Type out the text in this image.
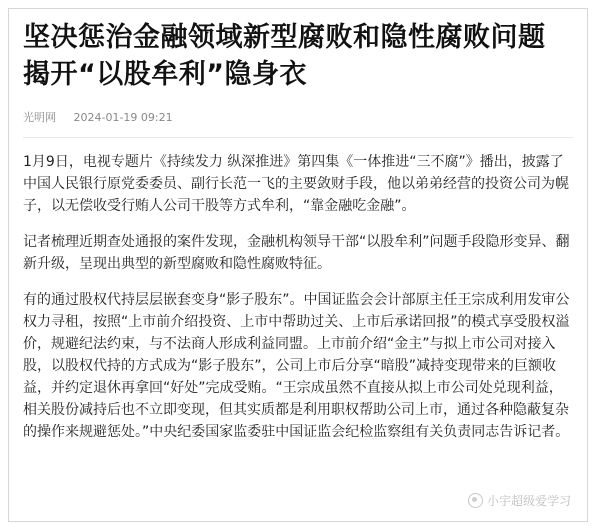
坚决惩治金融领域新型腐败和隐性腐败问题
揭开“以股牟利”隐身衣
光明网 2024-01-19 09:21

1月9日，电视专题片《持续发力 纵深推进》第四集《一体推进“三不腐”》播出，披露了中国人民银行原党委委员、副行长范一飞的主要敛财手段，他以弟弟经营的投资公司为幌子，以无偿收受行贿人公司干股等方式牟利，“靠金融吃金融”。

记者梳理近期查处通报的案件发现，金融机构领导干部“以股牟利”问题手段隐形变异、翻新升级，呈现出典型的新型腐败和隐性腐败特征。

有的通过股权代持层层嵌套变身“影子股东”。中国证监会会计部原主任王宗成利用发审公权力寻租，按照“上市前介绍投资、上市中帮助过关、上市后承诺回报”的模式享受股权溢价，规避纪法约束，与不法商人形成利益同盟。上市前介绍“金主”与拟上市公司对接入股，以股权代持的方式成为“影子股东”，公司上市后分享“暗股”减持变现带来的巨额收益，并约定退休再拿回“好处”完成受贿。“王宗成虽然不直接从拟上市公司处兑现利益，相关股份减持后也不立即变现，但其实质都是利用职权帮助公司上市，通过各种隐蔽复杂的操作来规避惩处。”中央纪委国家监委驻中国证监会纪检监察组有关负责同志告诉记者。

小宇超级爱学习
